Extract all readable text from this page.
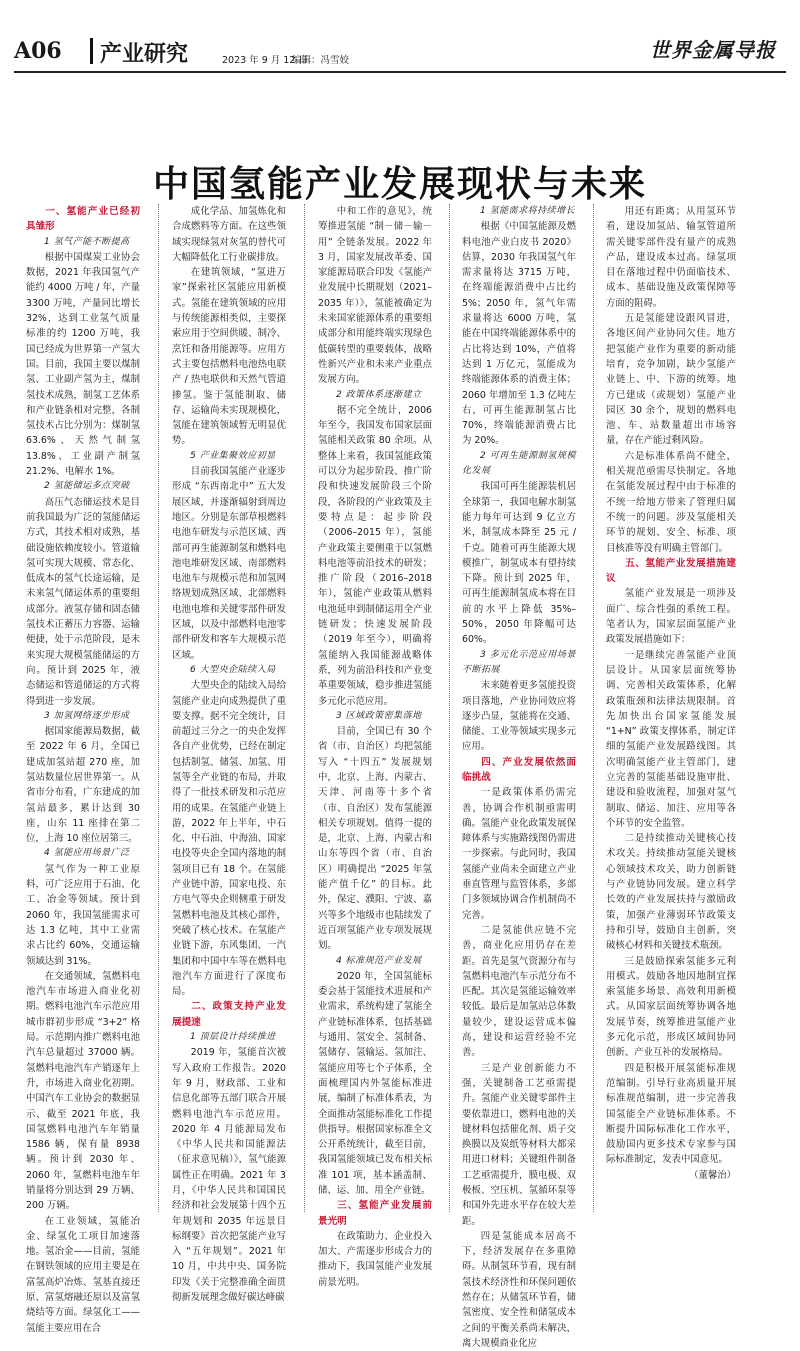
A06 产业研究	2023 年 9 月 12 日
编辑：冯雪姣	世界金属导报
中国氢能产业发展现状与未来

一、氢能产业已经初具雏形

1 氢气产能不断提高

根据中国煤炭工业协会数据，2021 年我国氢气产能约 4000 万吨 / 年，产量 3300 万吨，产量同比增长 32%，达到工业氢气质量标准的约 1200 万吨，我国已经成为世界第一产氢大国。目前，我国主要以煤制氢、工业副产氢为主，煤制氢技术成熟，制氢工艺体系和产业链条相对完整，各制氢技术占比分别为：煤制氢 63.6%、天然气制氢 13.8%、工业副产制氢 21.2%、电解水 1%。

2 氢能储运多点突破

高压气态储运技术是目前我国最为广泛的氢能储运方式，其技术相对成熟，基础设施依赖度较小。管道输氢可实现大规模、常态化、低成本的氢气长途运输，是未来氢气储运体系的重要组成部分。液氢存储和固态储氢技术正蓄压力容器、运输便捷，处于示范阶段，是未来实现大规模氢能储运的方向。预计到 2025 年，液态储运和管道储运的方式将得到进一步发展。

3 加氢网络逐步形成

据国家能源局数据，截至 2022 年 6 月，全国已建成加氢站超 270 座，加氢站数量位居世界第一。从省市分布看，广东建成的加氢站最多，累计达到 30 座，山东 11 座排在第二位，上海 10 座位居第三。

4 氢能应用场景广泛

氢气作为一种工业原料，可广泛应用于石油、化工、冶金等领域。预计到 2060 年，我国氢能需求可达 1.3 亿吨，其中工业需求占比约 60%，交通运输领域达到 31%。

在交通领域，氢燃料电池汽车市场进入商业化初期。燃料电池汽车示范应用城市群初步形成 “3+2” 格局。示范期内推广燃料电池汽车总量超过 37000 辆。氢燃料电池汽车产销逐年上升，市场进入商业化初期。中国汽车工业协会的数据显示，截至 2021 年底，我国氢燃料电池汽车年销量 1586 辆，保有量 8938 辆。预计到 2030 年、2060 年，氢燃料电池车年销量将分别达到 29 万辆、200 万辆。

在工业领域，氢能冶金、绿氢化工项目加速落地。氢冶金——目前，氢能在钢铁领域的应用主要是在富氢高炉冶炼、氢基直接还原、富氢熔融还原以及富氢烧结等方面。绿氢化工——氢能主要应用在合

成化学品、加氢炼化和合成燃料等方面。在这些领域实现绿氢对灰氢的替代可大幅降低化工行业碳排放。

在建筑领域，“氢进万家”探索社区氢能应用新模式。氢能在建筑领域的应用与传统能源相类似，主要探索应用于空间供暖、制冷、烹饪和备用能源等。应用方式主要包括燃料电池热电联产 / 热电联供和天然气管道掺氢。鉴于氢能制取、储存、运输尚未实现规模化，氢能在建筑领域暂无明显优势。

5 产业集聚效应初显

目前我国氢能产业逐步形成 “东西南北中” 五大发展区域，并逐渐辐射到周边地区。分别是东部草根燃料电池车研发与示范区域、西部可再生能源制氢和燃料电池电堆研发区域、南部燃料电池车与规模示范和加氢网络规划成熟区域、北部燃料电池电堆和关键零部件研发区域，以及中部燃料电池零部件研发和客车大规模示范区域。

6 大型央企陆续入局

大型央企的陆续入局给氢能产业走向成熟提供了重要支撑。据不完全统计，目前超过三分之一的央企发挥各自产业优势，已经在制定包括制氢、储氢、加氢、用氢等全产业链的布局，并取得了一批技术研发和示范应用的成果。在氢能产业链上游，2022 年上半年，中石化、中石油、中海油、国家电投等央企全国内落地的制氢项目已有 18 个。在氢能产业链中游，国家电投、东方电气等央企则侧重于研发氢燃料电池及其核心部件，突破了核心技术。在氢能产业链下游，东风集团、一汽集团和中国中车等在燃料电池汽车方面进行了深度布局。

二、政策支持产业发展提速

1 顶层设计持续推进

2019 年，氢能首次被写入政府工作报告。2020 年 9 月，财政部、工业和信息化部等五部门联合开展燃料电池汽车示范应用。2020 年 4 月能源局发布《中华人民共和国能源法（征求意见稿）》，氢气能源属性正在明确。2021 年 3 月，《中华人民共和国国民经济和社会发展第十四个五年规划和 2035 年远景目标纲要》首次把氢能产业写入 “五年规划”。2021 年 10 月，中共中央、国务院印发《关于完整准确全面贯彻新发展理念做好碳达峰碳

中和工作的意见》，统筹推进氢能 “制－储－输－用” 全链条发展。2022 年 3 月，国家发展改革委、国家能源局联合印发《氢能产业发展中长期规划（2021–2035 年）》，氢能被确定为未来国家能源体系的重要组成部分和用能终端实现绿色低碳转型的重要载体，战略性新兴产业和未来产业重点发展方向。

2 政策体系逐渐建立

据不完全统计，2006 年至今，我国发布国家层面氢能相关政策 80 余项。从整体上来看，我国氢能政策可以分为起步阶段、推广阶段和快速发展阶段三个阶段，各阶段的产业政策及主要特点是：起步阶段（2006–2015 年），氢能产业政策主要侧重于以氢燃料电池等前沿技术的研发；推广阶段（2016–2018 年），氢能产业政策从燃料电池延申到制储运用全产业链研发；快速发展阶段（2019 年至今），明确将氢能纳入我国能源战略体系，列为前沿科技和产业变革重要领域，稳步推进氢能多元化示范应用。

3 区域政策密集落地

目前，全国已有 30 个省（市、自治区）均把氢能写入 “十四五” 发展规划中，北京、上海、内蒙古、天津、河南等十多个省（市、自治区）发布氢能源相关专项规划。值得一提的是，北京、上海、内蒙古和山东等四个省（市、自治区）明确提出 “2025 年氢能产值千亿” 的目标。此外，保定、濮阳、宁波、嘉兴等多个地级市也陆续发了近百项氢能产业专项发展规划。

4 标准规范产业发展

2020 年，全国氢能标委会基于氢能技术进展和产业需求，系统构建了氢能全产业链标准体系，包括基础与通用、氢安全、氢制备、氢储存、氢输运、氢加注、氢能应用等七个子体系，全面梳理国内外氢能标准进展，编制了标准体系表，为全面推动氢能标准化工作提供指导。根据国家标准全文公开系统统计，截至目前，我国氢能领域已发布相关标准 101 项，基本涵盖制、储、运、加、用全产业链。

三、氢能产业发展前景光明

在政策助力、企业投入加大、产需逐步形成合力的推动下，我国氢能产业发展前景光明。

1 氢能需求将持续增长

根据《中国氢能源及燃料电池产业白皮书 2020》估算，2030 年我国氢气年需求量将达 3715 万吨，在终端能源消费中占比约 5%；2050 年，氢气年需求量将达 6000 万吨，氢能在中国终端能源体系中的占比将达到 10%，产值将达到 1 万亿元，氢能成为终端能源体系的消费主体；2060 年增加至 1.3 亿吨左右，可再生能源制氢占比 70%，终端能源消费占比为 20%。

2 可再生能源制氢规模化发展

我国可再生能源装机居全球第一，我国电解水制氢能力每年可达到 9 亿立方米，制氢成本降至 25 元 / 千克。随着可再生能源大规模推广，制氢成本有望持续下降。预计到 2025 年，可再生能源制氢成本将在目前的水平上降低 35%–50%，2050 年降幅可达 60%。

3 多元化示范应用场景不断拓展

未来随着更多氢能投资项目落地，产业协同效应将逐步凸显，氢能将在交通、储能、工业等领域实现多元应用。

四、产业发展依然面临挑战

一是政策体系仍需完善，协调合作机制亟需明确。氢能产业化政策发展保障体系与实施路线图仍需进一步探索。与此同时，我国氢能产业尚未全面建立产业垂直管理与监管体系，多部门多领域协调合作机制尚不完善。

二是氢能供应链不完善，商业化应用仍存在差距。首先是氢气资源分布与氢燃料电池汽车示范分布不匹配。其次是氢能运输效率较低。最后是加氢站总体数量较少，建设运营成本偏高，建设和运营经验不完善。

三是产业创新能力不强，关键制备工艺亟需提升。氢能产业关键零部件主要依靠进口，燃料电池的关键材料包括催化剂、质子交换膜以及炭纸等材料大都采用进口材料；关键组件制备工艺亟需提升，膜电极、双极板、空压机、氢循环泵等和国外先进水平存在较大差距。

四是氢能成本居高不下，经济发展存在多重障碍。从制氢环节看，现有制氢技术经济性和环保问题依然存在；从储氢环节看，储氢密度、安全性和储氢成本之间的平衡关系尚未解决，离大规模商业化应

用还有距离；从用氢环节看，建设加氢站、输氢管道所需关键零部件没有量产的成熟产品，建设成本过高。绿氢项目在落地过程中仍面临技术、成本、基础设施及政策保障等方面的阻碍。

五是氢能建设跟风冒进，各地区间产业协同欠佳。地方把氢能产业作为重要的新动能培育，竞争加剧，缺少氢能产业链上、中、下游的统筹。地方已建成（或规划）氢能产业园区 30 余个，规划的燃料电池、车、站数量超出市场容量，存在产能过剩风险。

六是标准体系尚不健全，相关规范亟需尽快制定。各地在氢能发展过程中由于标准的不统一给地方带来了管理归属不统一的问题。涉及氢能相关环节的规划、安全、标准、项目核准等没有明确主管部门。

五、氢能产业发展措施建议

氢能产业发展是一项涉及面广、综合性强的系统工程。笔者认为，国家层面氢能产业政策发展措施如下：

一是继续完善氢能产业顶层设计。从国家层面统筹协调、完善相关政策体系，化解政策瓶颈和法律法规限制。首先加快出台国家氢能发展 “1+N” 政策支撑体系，制定详细的氢能产业发展路线图。其次明确氢能产业主管部门，建立完善的氢能基础设施审批、建设和验收流程，加强对氢气制取、储运、加注、应用等各个环节的安全监管。

二是持续推动关键核心技术攻关。持续推动氢能关键核心领域技术攻关，助力创新链与产业链协同发展。建立科学长效的产业发展扶持与激励政策，加强产业薄弱环节政策支持和引导，鼓励自主创新，突破核心材料和关键技术瓶颈。

三是鼓励探索氢能多元利用模式。鼓励各地因地制宜探索氢能多场景、高效利用新模式。从国家层面统筹协调各地发展节奏，统筹推进氢能产业多元化示范，形成区域间协同创新、产业互补的发展格局。

四是积极开展氢能标准规范编制。引导行业高质量开展标准规范编制，进一步完善我国氢能全产业链标准体系。不断提升国际标准化工作水平，鼓励国内更多技术专家参与国际标准制定，发表中国意见。

（董馨治）
